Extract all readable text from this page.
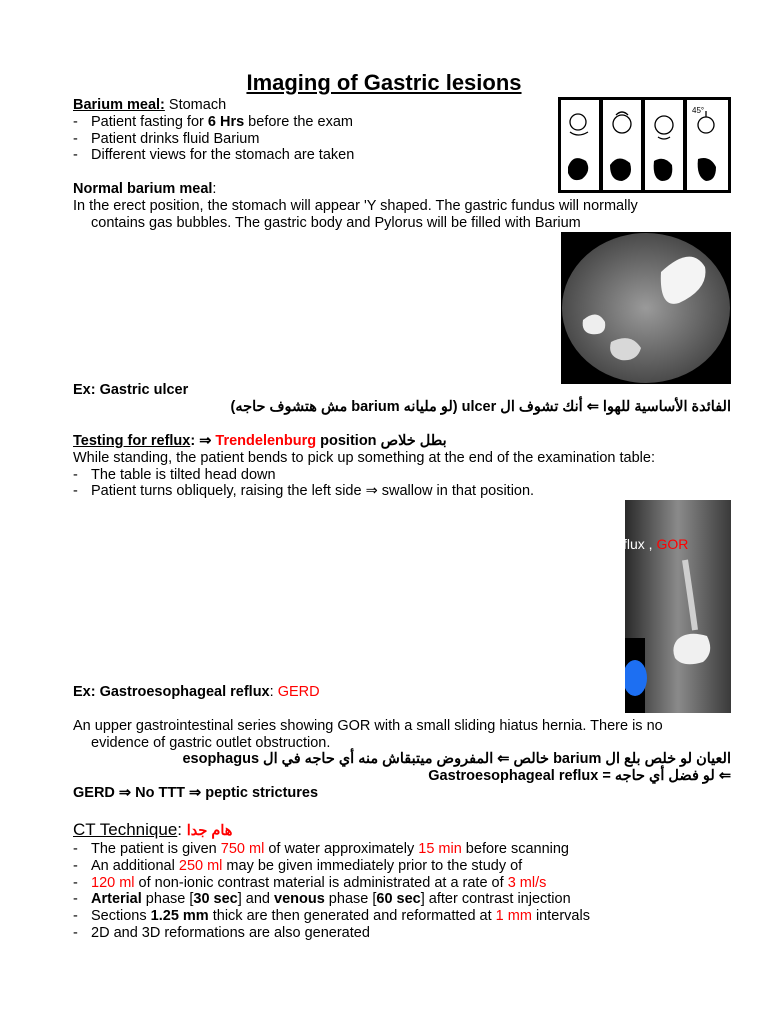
Imaging of Gastric lesions
Barium meal: Stomach
- Patient fasting for 6 Hrs before the exam
- Patient drinks fluid Barium
- Different views for the stomach are taken
45°
Normal barium meal:
In the erect position, the stomach will appear 'Y shaped. The gastric fundus will normally
contains gas bubbles. The gastric body and Pylorus will be filled with Barium
Ex: Gastric ulcer
الفائدة الأساسية للهوا ⇐ أنك تشوف ال ulcer (لو مليانه barium مش هتشوف حاجه)
Testing for reflux: ⇒ Trendelenburg position بطل خلاص
While standing, the patient bends to pick up something at the end of the examination table:
- The table is tilted head down
- Patient turns obliquely, raising the left side ⇒ swallow in that position.
flux , GOR
Ex: Gastroesophageal reflux: GERD
An upper gastrointestinal series showing GOR with a small sliding hiatus hernia. There is no
evidence of gastric outlet obstruction.
العيان لو خلص بلع ال barium خالص ⇐ المفروض ميتبقاش منه أي حاجه في ال esophagus
⇐ لو فضل أي حاجه = Gastroesophageal reflux
GERD ⇒ No TTT ⇒ peptic strictures
CT Technique: هام جدا
- The patient is given 750 ml of water approximately 15 min before scanning
- An additional 250 ml may be given immediately prior to the study of
- 120 ml of non-ionic contrast material is administrated at a rate of 3 ml/s
- Arterial phase [30 sec] and venous phase [60 sec] after contrast injection
- Sections 1.25 mm thick are then generated and reformatted at 1 mm intervals
- 2D and 3D reformations are also generated
